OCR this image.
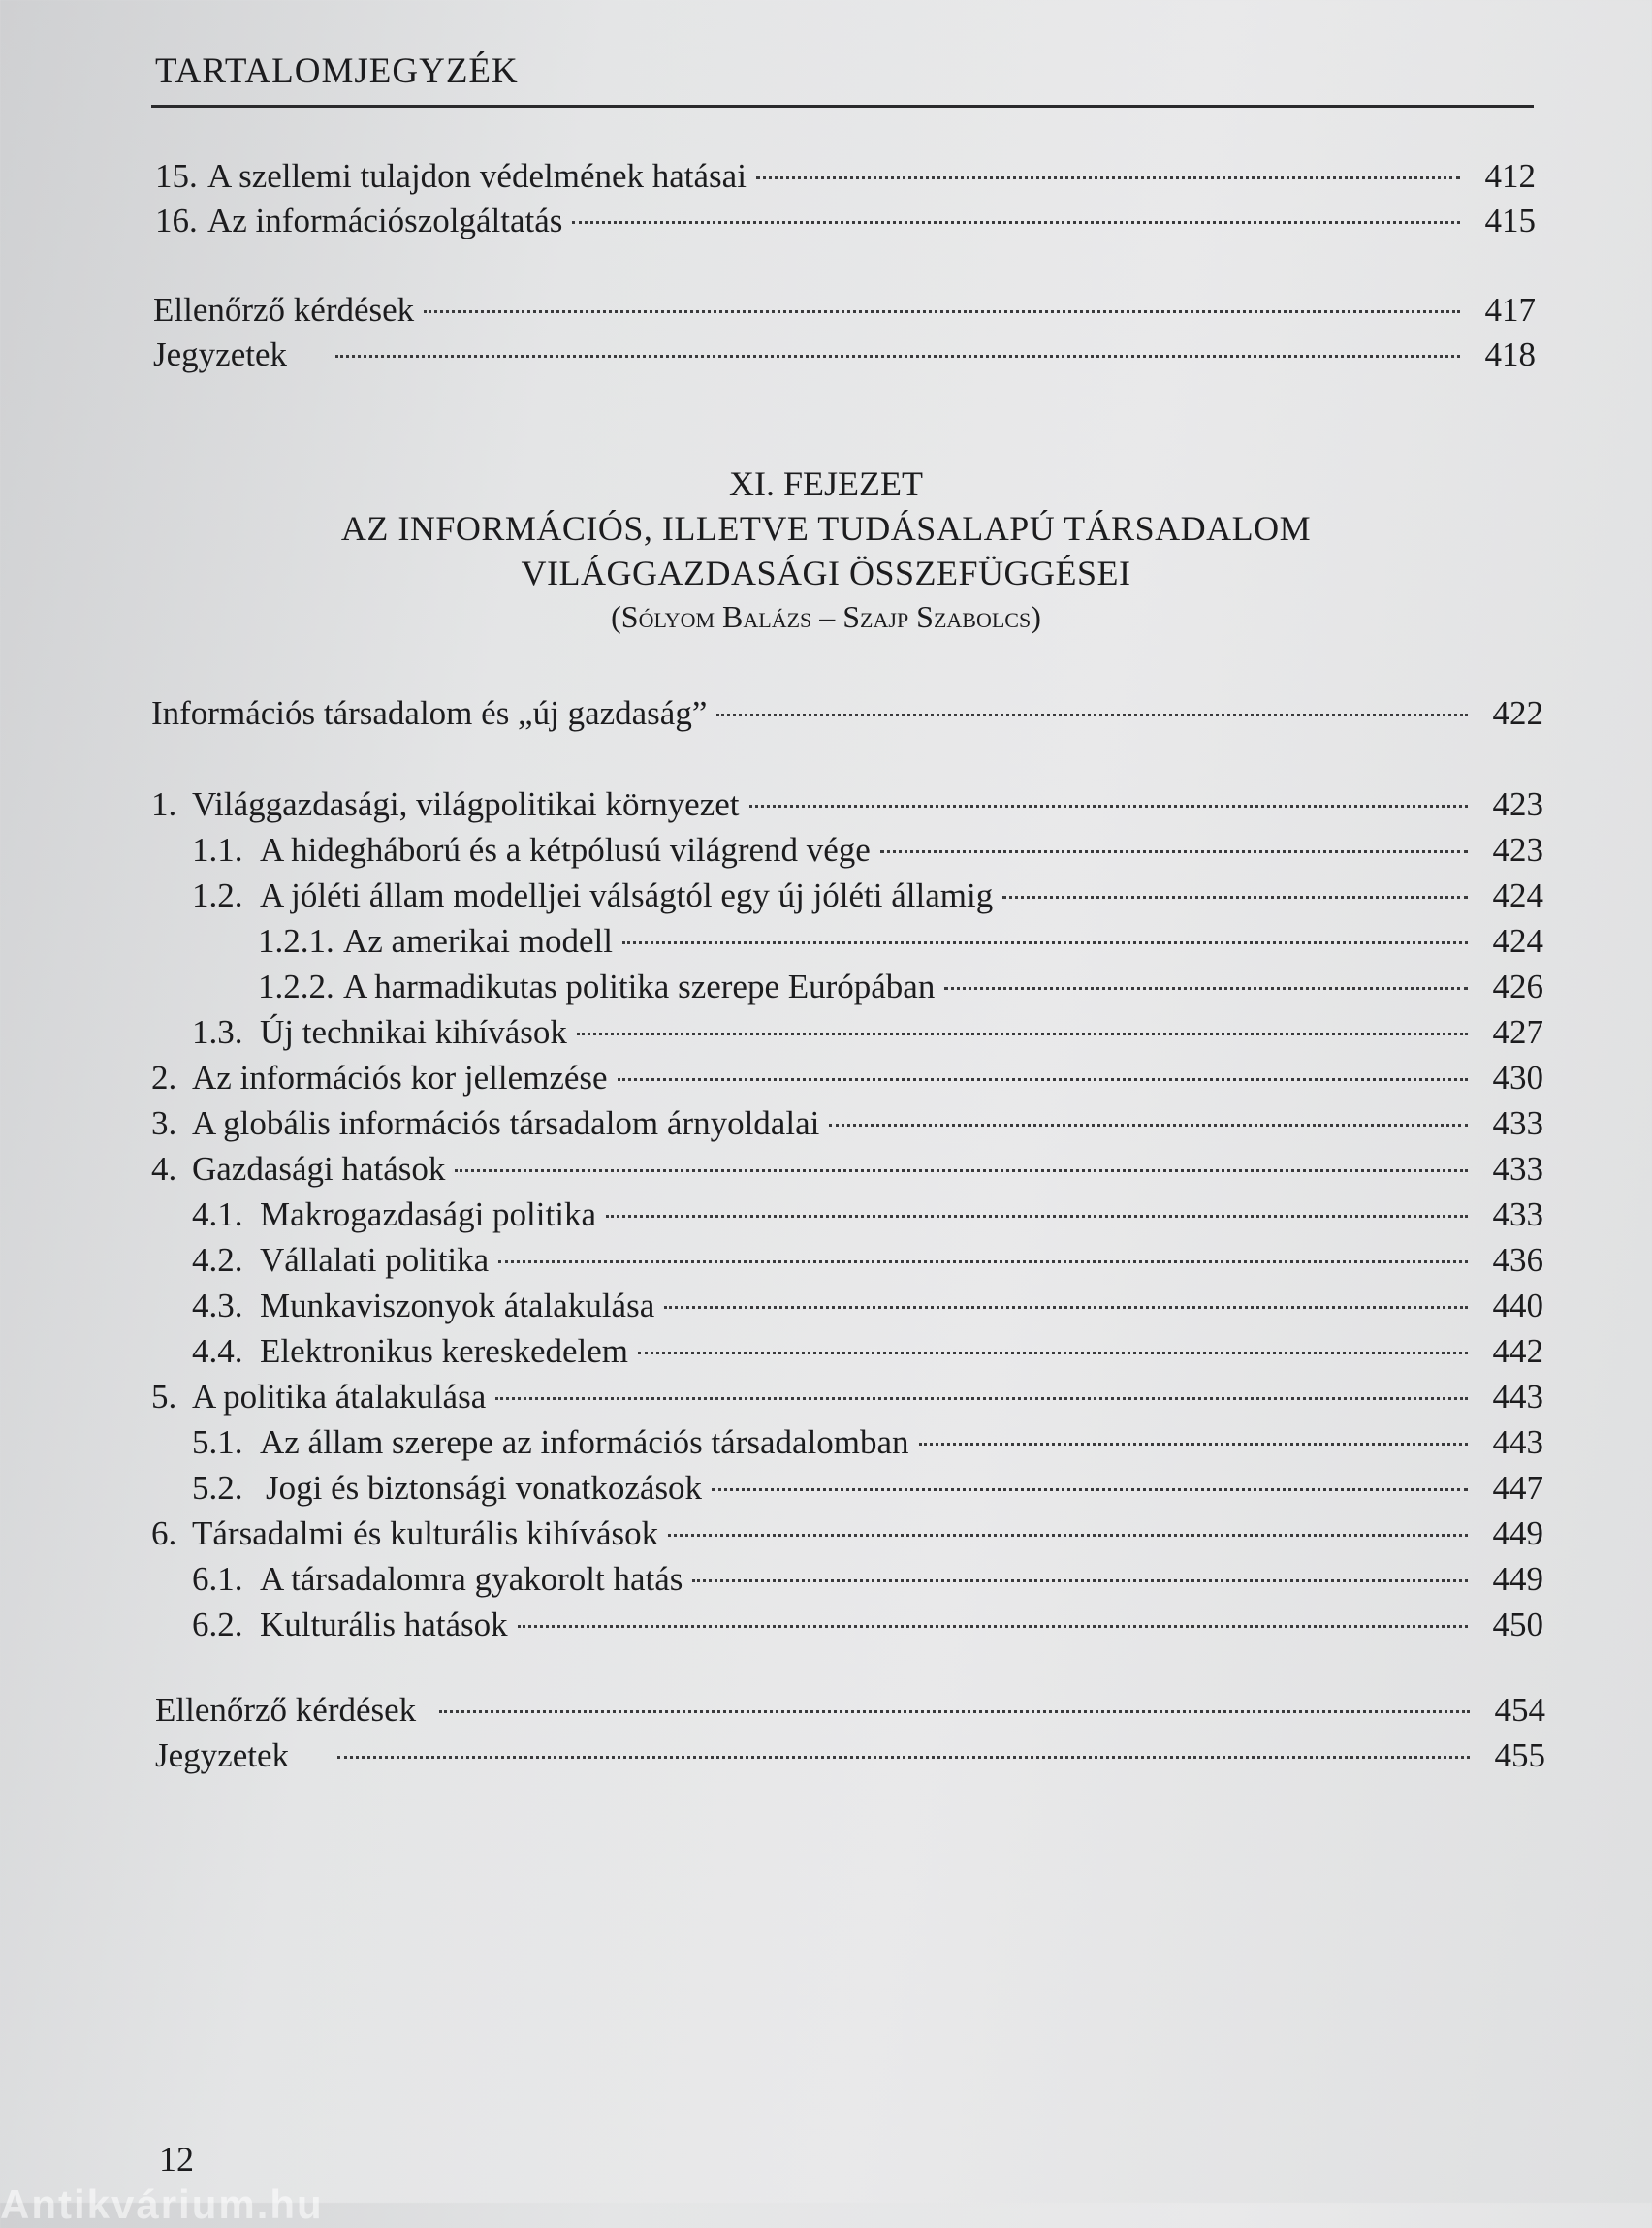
TARTALOMJEGYZÉK
15. A szellemi tulajdon védelmének hatásai	412
16. Az információszolgáltatás	415
Ellenőrző kérdések	417
Jegyzetek	418
XI. FEJEZET
AZ INFORMÁCIÓS, ILLETVE TUDÁSALAPÚ TÁRSADALOM
VILÁGGAZDASÁGI ÖSSZEFÜGGÉSEI
(Sólyom Balázs – Szajp Szabolcs)
Információs társadalom és „új gazdaság”	422
1. Világgazdasági, világpolitikai környezet	423
1.1. A hidegháború és a kétpólusú világrend vége	423
1.2. A jóléti állam modelljei válságtól egy új jóléti államig	424
1.2.1. Az amerikai modell	424
1.2.2. A harmadikutas politika szerepe Európában	426
1.3. Új technikai kihívások	427
2. Az információs kor jellemzése	430
3. A globális információs társadalom árnyoldalai	433
4. Gazdasági hatások	433
4.1. Makrogazdasági politika	433
4.2. Vállalati politika	436
4.3. Munkaviszonyok átalakulása	440
4.4. Elektronikus kereskedelem	442
5. A politika átalakulása	443
5.1. Az állam szerepe az információs társadalomban	443
5.2. Jogi és biztonsági vonatkozások	447
6. Társadalmi és kulturális kihívások	449
6.1. A társadalomra gyakorolt hatás	449
6.2. Kulturális hatások	450
Ellenőrző kérdések	454
Jegyzetek	455
12
Antikvárium.hu
